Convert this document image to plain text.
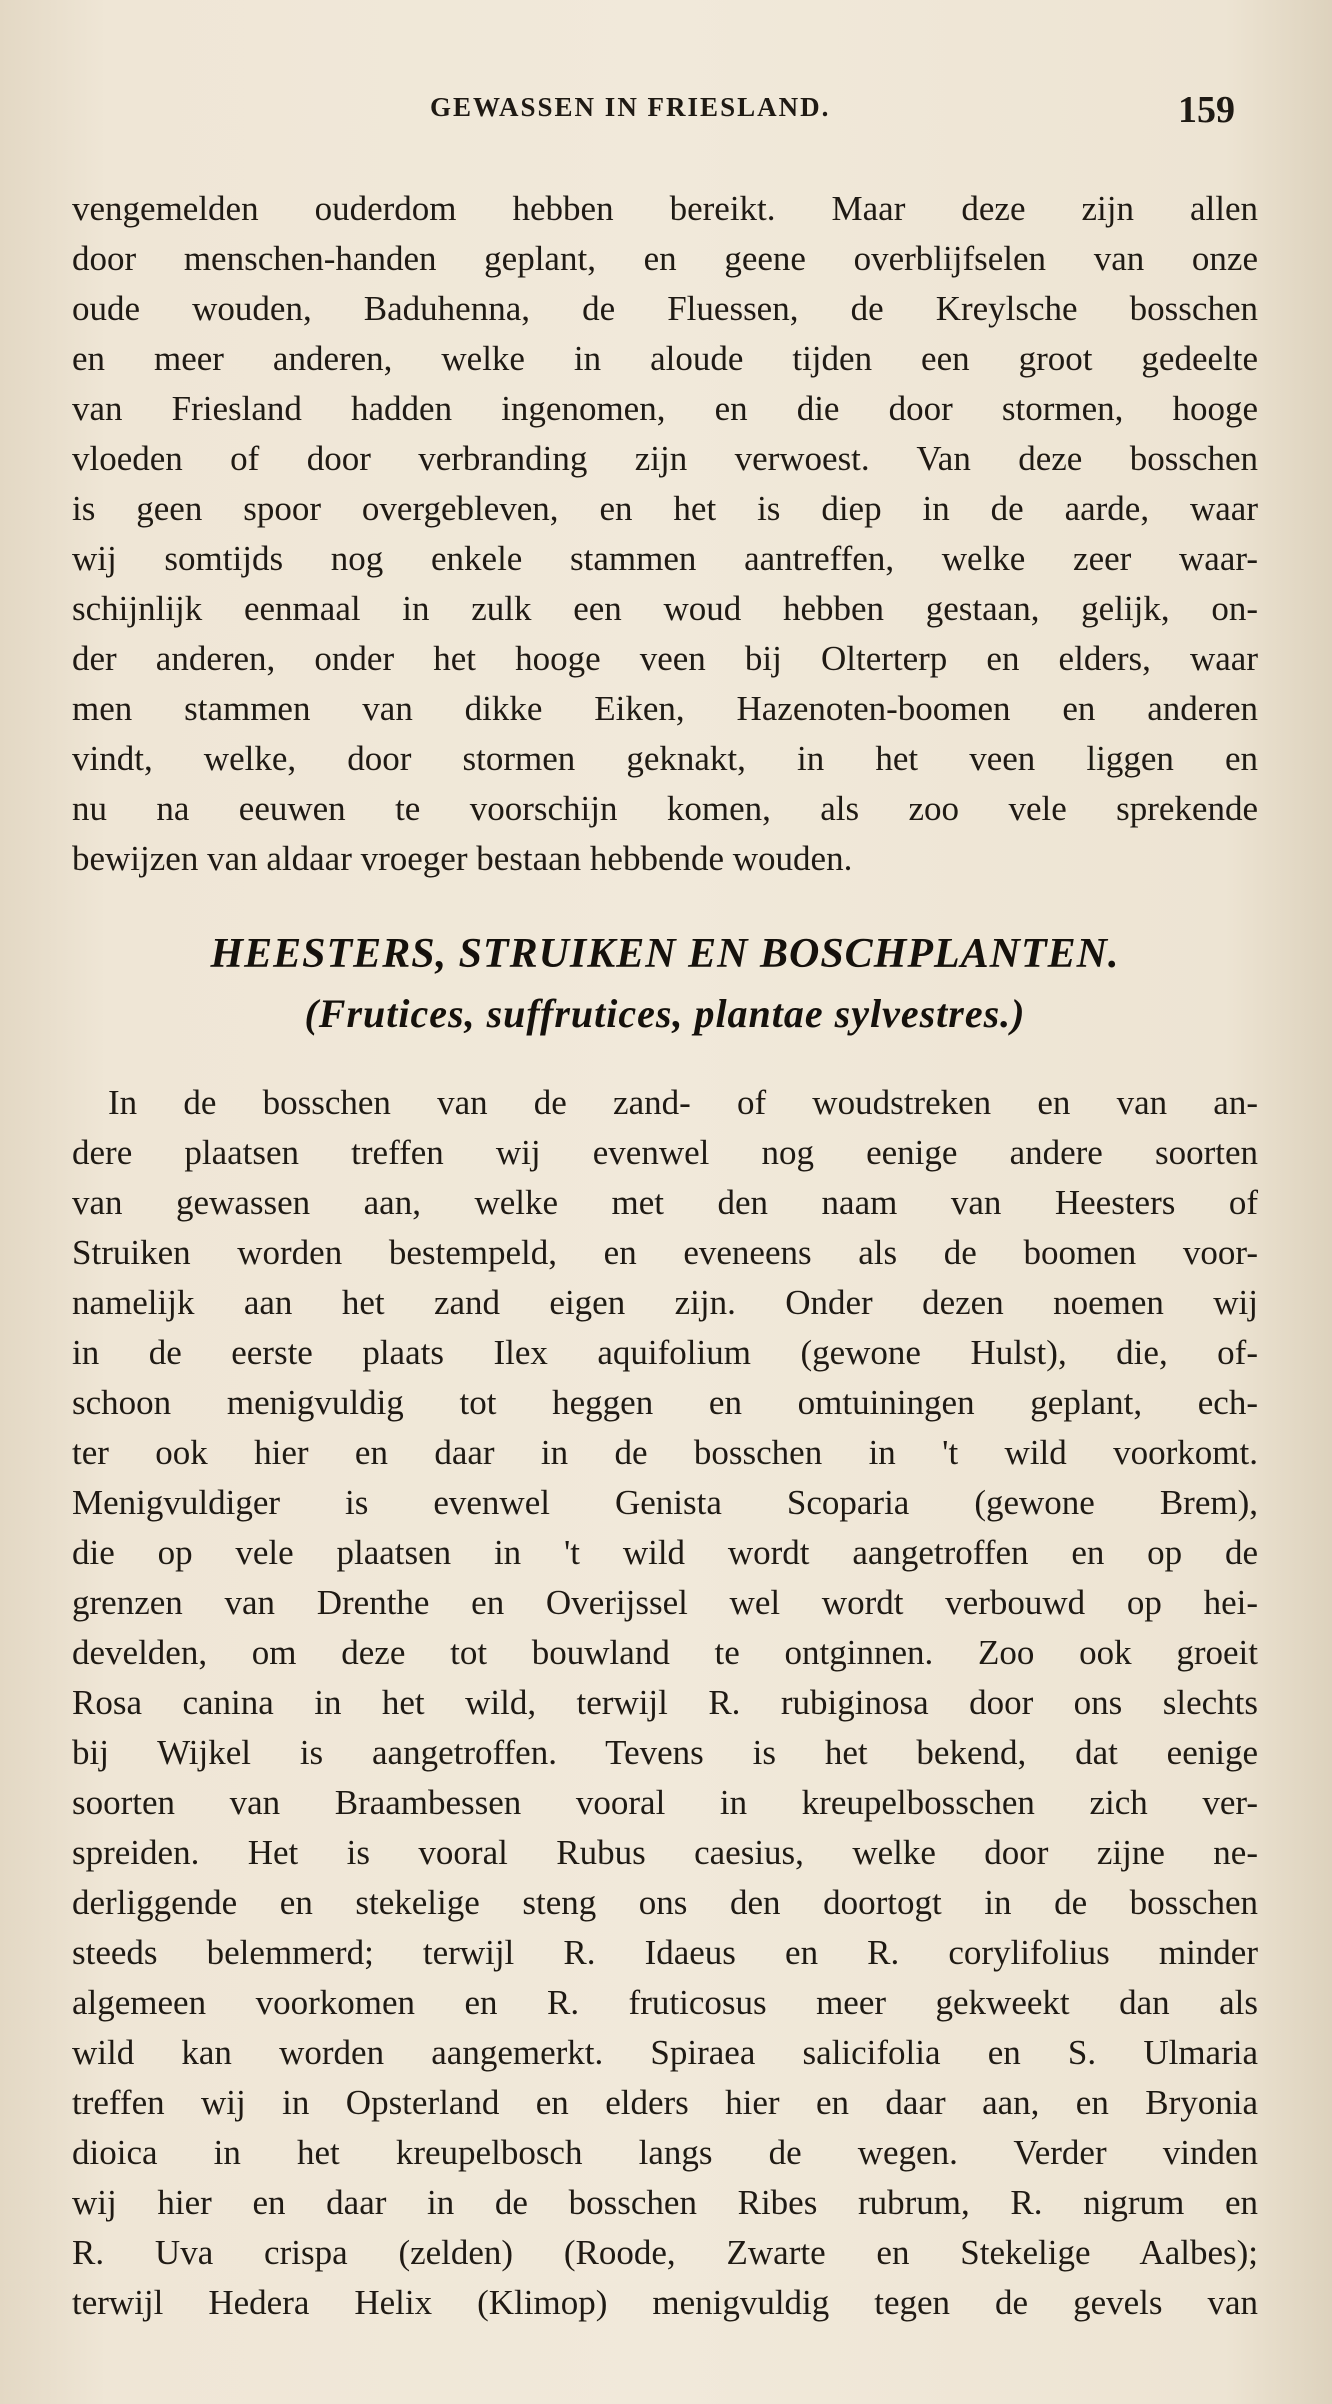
GEWASSEN IN FRIESLAND.	159
vengemelden ouderdom hebben bereikt. Maar deze zijn allen
door menschen-handen geplant, en geene overblijfselen van onze
oude wouden, Baduhenna, de Fluessen, de Kreylsche bosschen
en meer anderen, welke in aloude tijden een groot gedeelte
van Friesland hadden ingenomen, en die door stormen, hooge
vloeden of door verbranding zijn verwoest. Van deze bosschen
is geen spoor overgebleven, en het is diep in de aarde, waar
wij somtijds nog enkele stammen aantreffen, welke zeer waar-
schijnlijk eenmaal in zulk een woud hebben gestaan, gelijk, on-
der anderen, onder het hooge veen bij Olterterp en elders, waar
men stammen van dikke Eiken, Hazenoten-boomen en anderen
vindt, welke, door stormen geknakt, in het veen liggen en
nu na eeuwen te voorschijn komen, als zoo vele sprekende
bewijzen van aldaar vroeger bestaan hebbende wouden.
HEESTERS, STRUIKEN EN BOSCHPLANTEN.
(Frutices, suffrutices, plantae sylvestres.)
In de bosschen van de zand- of woudstreken en van an-
dere plaatsen treffen wij evenwel nog eenige andere soorten
van gewassen aan, welke met den naam van Heesters of
Struiken worden bestempeld, en eveneens als de boomen voor-
namelijk aan het zand eigen zijn. Onder dezen noemen wij
in de eerste plaats Ilex aquifolium (gewone Hulst), die, of-
schoon menigvuldig tot heggen en omtuiningen geplant, ech-
ter ook hier en daar in de bosschen in 't wild voorkomt.
Menigvuldiger is evenwel Genista Scoparia (gewone Brem),
die op vele plaatsen in 't wild wordt aangetroffen en op de
grenzen van Drenthe en Overijssel wel wordt verbouwd op hei-
develden, om deze tot bouwland te ontginnen. Zoo ook groeit
Rosa canina in het wild, terwijl R. rubiginosa door ons slechts
bij Wijkel is aangetroffen. Tevens is het bekend, dat eenige
soorten van Braambessen vooral in kreupelbosschen zich ver-
spreiden. Het is vooral Rubus caesius, welke door zijne ne-
derliggende en stekelige steng ons den doortogt in de bosschen
steeds belemmerd; terwijl R. Idaeus en R. corylifolius minder
algemeen voorkomen en R. fruticosus meer gekweekt dan als
wild kan worden aangemerkt. Spiraea salicifolia en S. Ulmaria
treffen wij in Opsterland en elders hier en daar aan, en Bryonia
dioica in het kreupelbosch langs de wegen. Verder vinden
wij hier en daar in de bosschen Ribes rubrum, R. nigrum en
R. Uva crispa (zelden) (Roode, Zwarte en Stekelige Aalbes);
terwijl Hedera Helix (Klimop) menigvuldig tegen de gevels van
